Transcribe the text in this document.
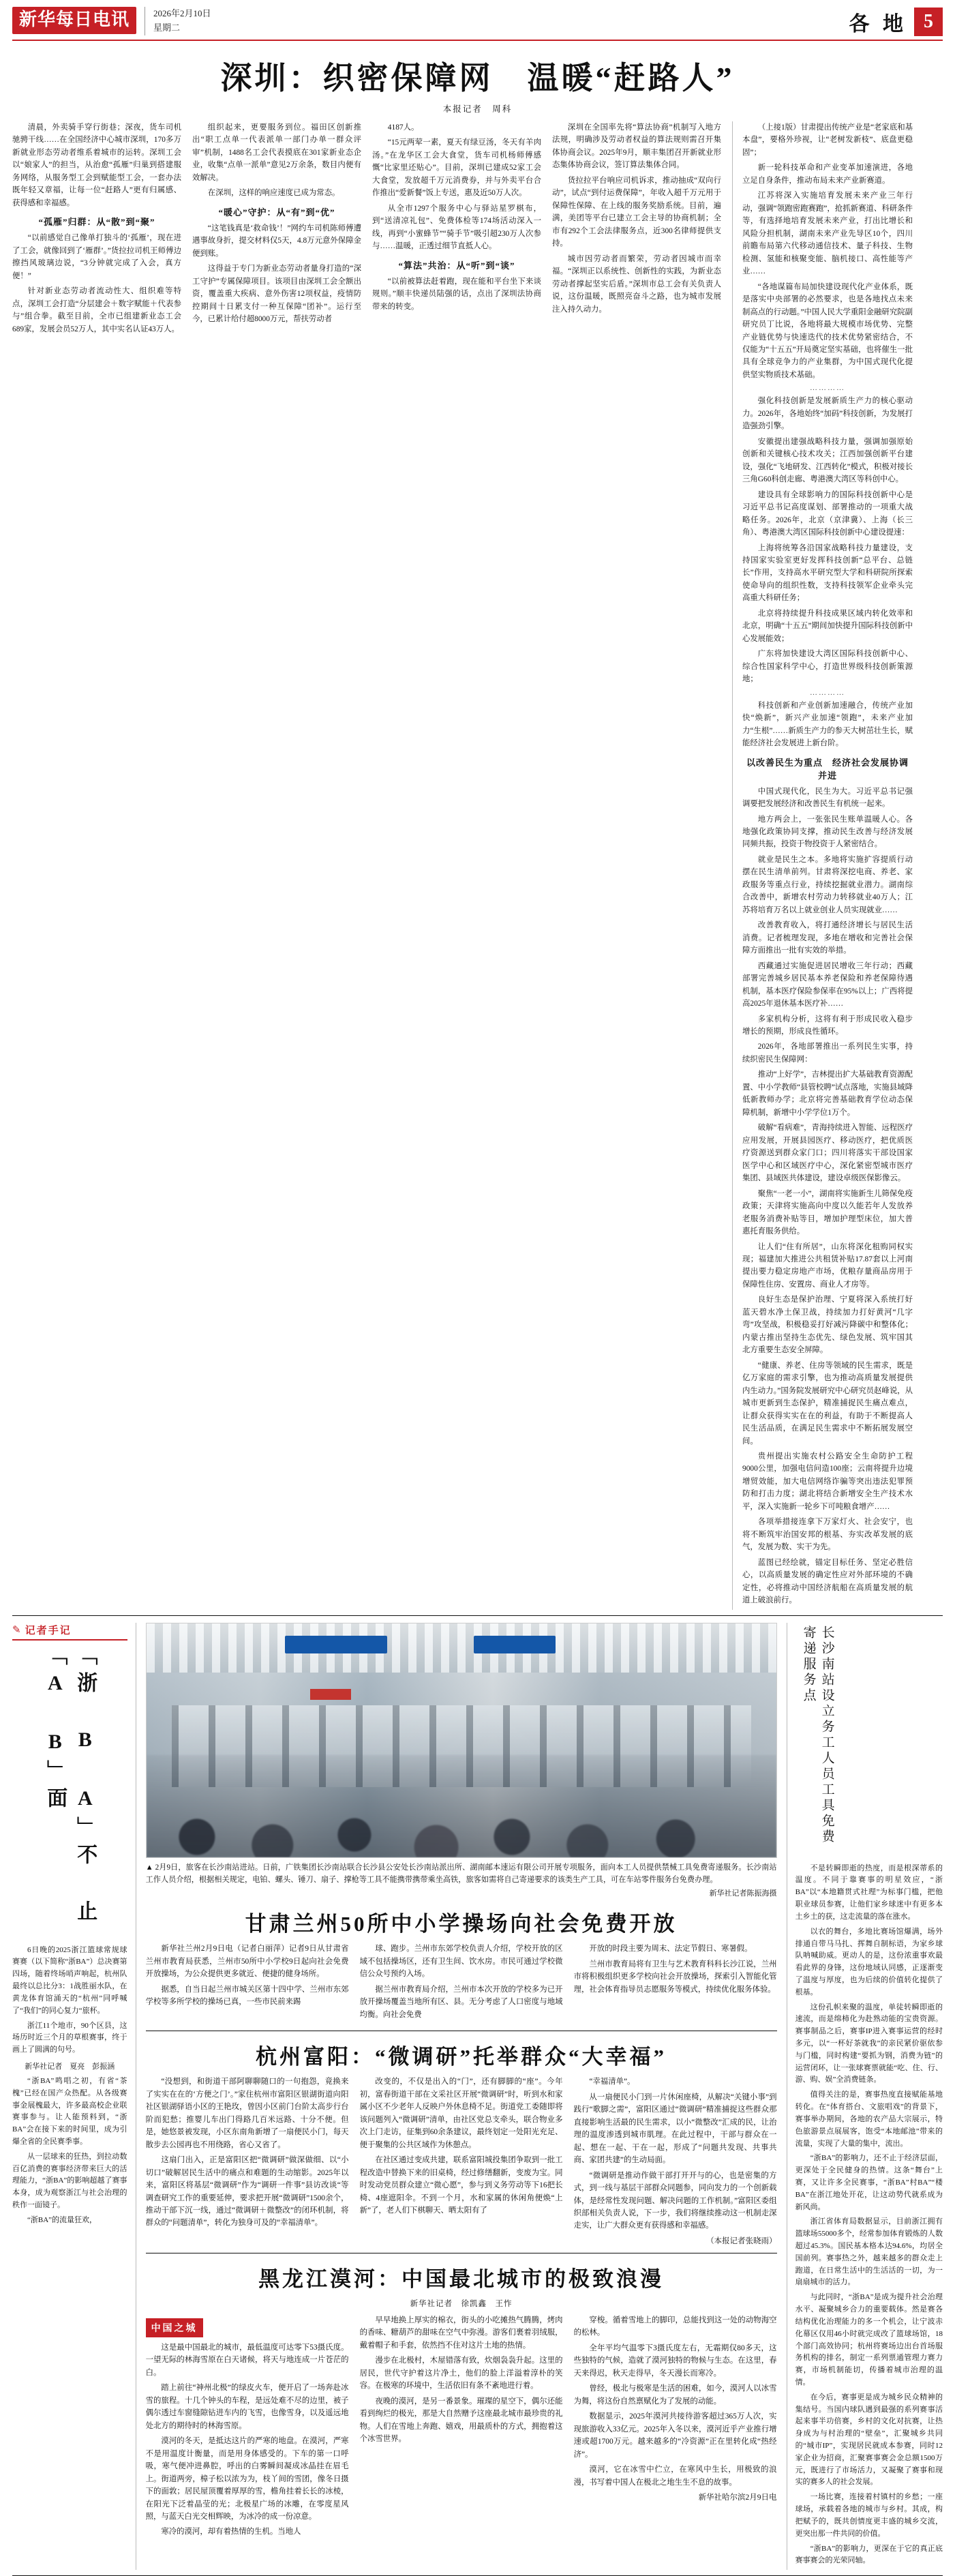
新华每日电讯	2026年2月10日
星期二	各 地 5
深圳：织密保障网　温暖“赶路人”
本报记者　周科

清晨，外卖骑手穿行街巷；深夜，货车司机驰骋干线……在全国经济中心城市深圳，170多万新就业形态劳动者维系着城市的运转。深圳工会以“娘家人”的担当，从治愈“孤雁”归巢到搭建服务网络，从服务型工会到赋能型工会，一套办法既年轻又章福，让每一位“赶路人”更有归属感、获得感和幸福感。

“孤雁”归群：从“散”到“聚”

“以前感觉自己像单打独斗的‘孤雁’，现在进了工会，就像回到了‘雁群’。”货拉拉司机王师傅边擦挡风玻璃边说，“3分钟就完成了入会，真方便！”

针对新业态劳动者流动性大、组织难等特点，深圳工会打造“分层建会＋数字赋能＋代表参与”组合拳。截至目前，全市已组建新业态工会689家，发展会员52万人，其中实名认证43万人。

组织起来，更要服务到位。福田区创新推出“职工点单一代表派单一部门办单一群众评审”机制，1488名工会代表摸底在301家新业态企业，收集“点单一派单”意见2万余条，数目内便有效解决。

在深圳，这样的响应速度已成为常态。

“暖心”守护：从“有”到“优”

“这笔钱真是‘救命钱’！”网约车司机陈师傅遭遇事故身折，提交材料仅5天，4.8万元意外保障金便到账。

这得益于专门为新业态劳动者量身打造的“深工守护”专属保障项目。该项目由深圳工会全额出资，覆盖重大疾病、意外伤害12项权益，疫情防控期间十日累支付一种互保障“团补”。运行至今，已累计给付超8000万元，帮扶劳动者

4187人。

“15元两荤一素，夏天有绿豆汤，冬天有羊肉汤。”在龙华区工会大食堂，货车司机杨师傅感慨“比家里还贴心”。目前，深圳已建成52家工会大食堂，发放超千万元消费券，并与外卖平台合作推出“爱新餐”饭上专送，惠及近50万人次。

从全市1297个服务中心与驿站星罗棋布，到“送清凉礼包”、免费体检等174场活动深入一线，再到“小蜜蜂节”“骑手节”吸引超230万人次参与……温暖，正透过细节直抵人心。

“算法”共治：从“听”到“谈”

“以前被算法赶着跑，现在能和平台坐下来谈规则。”顺丰快递员陆强的话，点出了深圳法协商带来的转变。

深圳在全国率先将“算法协商”机制写入地方法规，明确涉及劳动者权益的算法规则需召开集体协商会议。2025年9月，顺丰集团召开新就业形态集体协商会议，签订算法集体合同。

货拉拉平台响应司机诉求，推动抽成“双向行动”，试点“到付运费保障”，年收入超千万元用于保障性保障、在上线的服务奖励系统。目前，遍满，美团等平台已建立工会主导的协商机制；全市有292个工会法律服务点，近300名律师提供支持。

城市因劳动者而繁荣，劳动者因城市而幸福。“深圳正以系统性、创新性的实践，为新业态劳动者撑起坚实后盾。”深圳市总工会有关负责人说，这份温暖，既照亮奋斗之路，也为城市发展注入持久动力。

（上接1版）甘肃提出传统产业是“老家底和基本盘”，要格外珍视，让“老树发新枝”、底盘更稳固”；

新一轮科技革命和产业变革加速演进，各地立足自身条件，推动布局未来产业新赛道。

江苏将深入实施培育发展未来产业三年行动，强调“领跑密跑赛跑”，抢抓新赛道、科研条件等，有选择地培育发展未来产业，打出比增长和风险分担机制，湖南未来产业先导区10个，四川前瞻布局第六代移动通信技术、量子科技、生物检测、氢能和核聚变能、脑机接口、高性能等产业……

“各地谋篇布局加快建设现代化产业体系，既是落实中央部署的必然要求，也是各地找点未来制高点的行动题。”中国人民大学重阳金融研究院副研究员丁比说，各地将最大规模市场优势、完整产业链优势与快速迭代的技术优势紧密结合，不仅能为“十五五”开局奠定坚实基础，也将催生一批具有全球竞争力的产业集群，为中国式现代化提供坚实物质技术基础。

…………

强化科技创新是发展新质生产力的核心驱动力。2026年，各地始终“加码”科技创新，为发展打造强劲引擎。

安徽提出建强战略科技力量，强调加强原始创新和关键核心技术攻关；江西加强创新平台建设，强化“飞地研发、江西转化”模式，积极对接长三角G60科创走廊、粤港澳大湾区等科创中心。

建设具有全球影响力的国际科技创新中心是习近平总书记高度谋划、部署推动的一项重大战略任务。2026年，北京（京津冀）、上海（长三角）、粤港澳大湾区国际科技创新中心建设提速：

上海将统筹各沿国家战略科技力量建设，支持国家实验室更好发挥科技创新“总平台、总链长”作用，支持高水平研究型大学和科研院所探索使命导向的组织性数，支持科技领军企业牵头完高重大科研任务；

北京将持续提升科技成果区域内转化效率和北京，明确“十五五”期间加快提升国际科技创新中心发展能效；

广东将加快建设大湾区国际科技创新中心、综合性国家科学中心，打造世界级科技创新策源地；

…………

科技创新和产业创新加速融合，传统产业加快“焕新”，新兴产业加速“领跑”，未来产业加力“生根”……新质生产力的参天大树茁壮生长，赋能经济社会发展进上新台阶。

以改善民生为重点　经济社会发展协调并进

中国式现代化，民生为大。习近平总书记强调要把发展经济和改善民生有机统一起来。

地方两会上，一张张民生账单温暖人心。各地强化政策协同支撑，推动民生改善与经济发展同频共振，投资于物投资于人紧密结合。

就业是民生之本。多地将实施扩容提质行动摆在民生清单前列。甘肃将深挖电商、养老、家政服务等重点行业，持续挖掘就业潜力。湖南综合改善中，新增农村劳动力转移就业40万人；江苏将培育万名以上就业创业人员实现就业……

改善教育收入，将打通经济增长与居民生活消费。记者梳理发现，多地在增收和完善社会保障方面推出一批有实效的举措。

西藏通过实施促进居民增收三年行动；西藏部署完善城乡居民基本养老保险和养老保障待遇机制，基本医疗保险参保率在95%以上；广西将提高2025年退休基本医疗补……

多家机构分析，这将有利于形成民收入稳步增长的预期，形成良性循环。

2026年，各地部署推出一系列民生实事，持续织密民生保障网：

推动“上好学”，吉林提出扩大基础教育资源配置、中小学教师“县管校聘”试点落地，实施县域降低新教师办学；北京将完善基础教育学位动态保障机制，新增中小学学位1万个。

破解“看病难”，青海持续进入智能、远程医疗应用发展，开展县园医疗、移动医疗，把优质医疗资源送到群众家门口；四川将落实干部设国家医学中心和区域医疗中心，深化紧密型城市医疗集团、县域医共体建设，建设卓级医保影像云。

聚焦“一老一小”，湖南将实施新生儿筛保免疫政策；天津将实施高向中度以久能若年人发放养老服务消费补贴等目，增加护理型床位，加大普惠托育服务供给。

让人们“住有所居”，山东将深化租购同权实现；福建加大推进公共租赁补贴17.87套以上河南提出要力稳定房地产市场，优粮存量商品房用于保障性住房、安置房、商业人才房等。

良好生态是保护治理、宁夏将深入系统打好蓝天碧水净土保卫战，持续加力打好黄河“几字弯”攻坚战，积极稳妥打好减污降碳中和整体化；内蒙古推出坚持生态优先、绿色发展、筑牢国其北方重要生态安全屏障。

“健康、养老、住房等领域的民生需求，既是亿万家庭的需求引擎，也为推动高质量发展提供内生动力。”国务院发展研究中心研究员赵峰说，从城市更新到生态保护，精准捕捉民生痛点难点，让群众获得实实在在的利益，有助于不断提高人民生活品质，在满足民生需求中不断拓展发展空间。

贵州提出实施农村公路安全生命防护工程9000公里，加强电信问造100座；云南将提升边境增贸效能，加大电信网络诈骗等突出违法犯罪预防和打击力度；湖北将结合新增安全生产技术水平，深入实施新一轮乡下可吨粮食增产……

各项举措接连拿下万家灯火、社会安宁，也将不断筑牢治国安邦的根基、夯实改革发展的底气，发展为数、实干为先。

蓝图已经绘就，锚定目标任务、坚定必胜信心，以高质量发展的确定性应对外部环境的不确定性，必将推动中国经济航船在高质量发展的航道上破浪前行。

✎ 记者手记
「浙 B A」不 止「A B」面

6日晚的2025浙江篮球常规球赛赛（以下简称“浙BA”）总决赛第四场，随着终场哨声响起，杭州队最终以总比分3：1战胜丽水队，在黄龙体育馆涌天的“杭州”同呼喊了“我们”的同心复力“旅杯。

浙江11个地市，90个区县，这场历时近三个月的草根赛事，终于画上了圆满的句号。

新华社记者　夏亮　彭振涵

“浙BA”鸣唱之初，有省“茶槐”已经在国产众热配。从各级赛事金展槐最大，许多最高校企业联赛事参与。让人能预料到，“浙BA”会在接下来的时间里，成为引爆全省的全民赛季事。

从一层球来的狂热，到拉动数百亿消费的赛事经济带来巨大的活理能力，“浙BA”的影响超越了赛事本身，成为观察浙江与社会治理的秩作一面镜子。

“浙BA”的流量狂欢，

▲ 2月9日，旅客在长沙南站进站。日前，广铁集团长沙南站联合长沙县公安处长沙南站派出所、湖南邮本速运有限公司开展专项服务，面向本工人员提供禁械工具免费寄递服务。长沙南站工作人员介绍，根据相关规定，电铂、螺头、锤刀、扇子、撑枪等工具不能携带携带乘坐高铁，旅客如需将自己寄递要求的该类生产工具，可在车站零件服务台免费办理。
新华社记者陈振海摄
甘肃兰州50所中小学操场向社会免费开放

新华社兰州2月9日电（记者白丽萍）记者9日从甘肃省兰州市教育局获悉，兰州市50所中小学校9日起向社会免费开放操场，为公众提供更多就近、便捷的健身场所。

据悉，自当日起兰州市城关区第十四中学、兰州市东郊学校等多所学校的操场已真，一些市民前来踢

球、跑步。兰州市东郊学校负责人介绍，学校开放的区域不包括操场区，还有卫生间、饮水房。市民可通过学校微信公众号预约入场。

据兰州市教育局介绍，兰州市本次开放的学校多为已开放开操场覆盖当地所有区、县。无分考虑了人口密度与地域均衡。向社会免费

开放的时段主要为周末、法定节假日、寒暑假。

兰州市教育局将有卫生与艺术教育科科长沙江说，兰州市将积极组织更多学校向社会开放操场，探索引入智能化管理，社会体育指导员志愿服务等模式，持续优化服务体验。

杭州富阳：“微调研”托举群众“大幸福”

“没想到，和街道干部阿聊聊随口的一句抱怨，竟换来了实实在在的‘方便之门’。”家住杭州市富阳区银湖街道向阳社区银湖驿语小区的王艳玫，曾因小区前门台阶太高步行台阶而犯愁；推婴儿车出门得路几百米远路、十分不便。但是，她悠景被发现，小区东南角新增了一扇便民小门，每天散步去公园再也不用绕路，省心又省了。

这扇门出入，正是富阳区把“微调研”做深做细、以“小切口”破解居民生活中的痛点和难题的生动缩影。2025年以来，富阳区将基层“微调研”作为“调研一件事”县访改谈“等调查研究工作的重要延伸，要求把开展“微调研”1500余个，推动干部下沉一线，通过“微调研＋微整改”的闭环机制，将群众的“问题清单”，转化为独身可及的“幸福清单”。

改变的，不仅是出入的“门”，还有脚脚的“座”。今年初，富春街道干部在文采社区开展“微调研”时，听到水和家属小区不少老年人反映户外休息椅不足。街道党工委随即将该问题列入“微调研”清单，由社区党总支牵头，联合物业多次上门走访，征集到60余条建议，最终划定一处阳光充足、便于聚集的公共区域作为休憩点。

在社区通过变成共建，联系富阳城投集团争取到一批工程改造中替换下来的旧桌椅，经过修缮翻新，变废为宝。同时发动党员群众建立“微心愿”，参与到义务劳动等下16把长椅、4座遮阳伞。不到一个月，水和家属的休闲角便焕“上新”了，老人们下棋聊天、晒太阳有了

“幸福清单”。

从一扇便民小门到一片休闲座椅，从解决“关键小事”到践行“歌脚之需”，富阳区通过“微调研”精准捕捉这些群众那直接影响生活最的民生需求，以小“微整改”汇成的民，让治理的温度渗透到城市肌理。在此过程中，干部与群众在一起、想在一起、干在一起，形成了“问题共发现、共事共商、家团共建”的生动局面。

“微调研是推动作做干部打开开与的心，也是密集的方式，到一线与基层干部群众同题参，同向发力的一个创新载体，是经常性发现问题、解决问题的工作机制。”富阳区委组织部相关负责人说，下一步，我们将继续推动这一机制走深走实，让广大群众更有获得感和幸福感。

（本报记者张晓雨）
黑龙江漠河：中国最北城市的极致浪漫
新华社记者　徐凯鑫　王怍
中国之城

这是最中国最北的城市，最低温度可达零下53摄氏度。一望无际的林海雪原在白天诸候，将天与地连成一片苍茫的白。

踏上前往“神州北极”的绿皮火车，便开启了一场奔赴冰雪的旅程。十几个钟头的车程，是远处难不尽的边里，被子偶尔透过车窗缝隙钻进车内的飞雪，也像雪身，以及遥远地处北方的期待时的林海雪原。

漠河的冬天，是抵达这片的严寒的地盘。在漠河，严寒不是用温度计衡量，而是用身体感受的。下车的第一口呼吸，寒气便冲进鼻腔，呼出的白雾瞬间凝成冰晶挂在眉毛上。街道两旁，樟子松以浓为为，枝丫间的雪团，像冬日摄下的面敦；居民屋顶覆着厚厚的雪，檐角挂着长长的冰棱，在阳光下泛着晶莹的光；北极星广场的冰雕，在零度星风照，与蓝天白光交相辉映，为冰冷的成一份凉意。

寒冷的漠河，却有着热情的生机。当地人

早早地换上厚实的棉衣，街头的小吃摊热气腾腾，烤肉的香味、糖葫芦的甜味在空气中弥漫。游客们裹着羽绒服，戴着帽子和手套，依然挡不住对这片土地的热情。

漫步在北极村，木屋错落有致，炊烟袅袅升起。这里的居民，世代守护着这片净土，他们的脸上洋溢着淳朴的笑容。在极寒的环境中，生活依旧有条不紊地进行着。

夜晚的漠河，是另一番景象。璀璨的星空下，偶尔还能看到绚烂的极光，那是大自然赠予这座最北城市最珍贵的礼物。人们在雪地上奔跑、嬉戏，用最质朴的方式，拥抱着这个冰雪世界。

穿梭。循着雪地上的脚印，总能找到这一处的动物海空的松林。

全年平均气温零下3摄氏度左右，无霜期仅80多天，这些独特的气候，造就了漠河独特的物候与生态。在这里，春天来得迟，秋天走得早，冬天漫长而寒冷。

曾经，极北与极寒是生活的困难，如今，漠河人以冰雪为舞，将这份自然禀赋化为了发展的动能。

数据显示，2025年漠河共接待游客超过365万人次，实现旅游收入33亿元。2025年入冬以来，漠河近乎产业推行增速或超1700万元。越来越多的“冷资源”正在里转化成“热经济”。

漠河，它在冰雪中伫立，在寒风中生长，用极致的浪漫，书写着中国人在极北之地生生不息的故事。

新华社哈尔滨2月9日电
长沙南站设立务工人员工具免费寄递服务点

不是转瞬即逝的热度，而是根深蒂系的温度。不同于靠赛事的明星效应，“浙BA”以“本地籍贯式社理”为标事门槛，把他职业球员参赛，让他们家乡球迷中有更多本土乡土的获，这走流量的落在涨水。

以衣的舞台，多地比赛场馆爆满，场外排通自带马马扎、挥舞自制标语，为家乡球队呐喊助威。更动人的是，这份浓重事欢最看此界的身锋，这份地域认同感，正逐渐变了温度与厚度，也为后续的价值转化提供了根基。

这份孔帜来聚的温度，单徒转瞬即逝的速流，而是绵柿化为赴熟动能的宝贵资源。赛事制品之后，赛事IP进入赛事运营的经时多元，以“一杯好茶就我”的亲民紧价驱依参与门槛，同时构建“要抓为钢，消费为链”的运营闭环，让一张球赛票就能“吃、住、行、游、购、娱”全消费链条。

值得关注的是，赛事热度直接赋能基地转化。在“体育搭台、文旅唱戏”的背景下，赛事举办期间，各地的农产品大宗展示，特色旅游景点展展客，饱受“本地邮池”带来的流量，实现了大量的集中，流出。

“浙BA”的影响力，还不止于经济层面，更深处于全民健身的热情。这条“舞台”上赛，又让许多全民赛事，“浙BA”村BA”“楼BA”在浙江地处开花，让这动势代就系成为新风尚。

浙江省体育局数据显示，目前浙江拥有篮球场55000多个，经常参加体育锻炼的人数超过45.3%。国民基本格本达94.6%，均居全国前列。赛事热之外，越来越多的群众走上跑道，在日常生活中的生活活的一切，为一扇扇城市的活力。

与此同时，“浙BA”是成为提升社会治理水平、凝聚城乡合力的重要载体。然是赛各结构优化治理能力的多一个机会，让宁波赤化幕区仅用46小时就完成改了篮球场馆，18个部门高效协同；杭州将赛场边出台首场服务机构的排名，制定一系列票通管理力赛力赛，市场机制能切，传播着城市治理的温情。

在今后，赛事更是成为城乡民众精神的集结号。当国内球队遇到最强的系列赛事活起来事半功倍赛，乡村的文化对抗赛，让热身成为与村治理的“壁垒”，汇聚城乡共同的“城市IP”，实现居民就成本参赛，同时12家企业为招商，汇聚赛事赛会金总额1500万元，既进行了市场活力，又凝聚了赛事和现实的赛多人的社会发展。

一场比赛，连接着村镇村的乡愁；一座球场，承载着各地的城市与乡村。其成，构把赋予的，既共创情度更丰盛的城乡交流，更突出那一件共同的价值。

“浙BA”的影响力，更深在于它的真正底赛事赛会的光荣同轴。
